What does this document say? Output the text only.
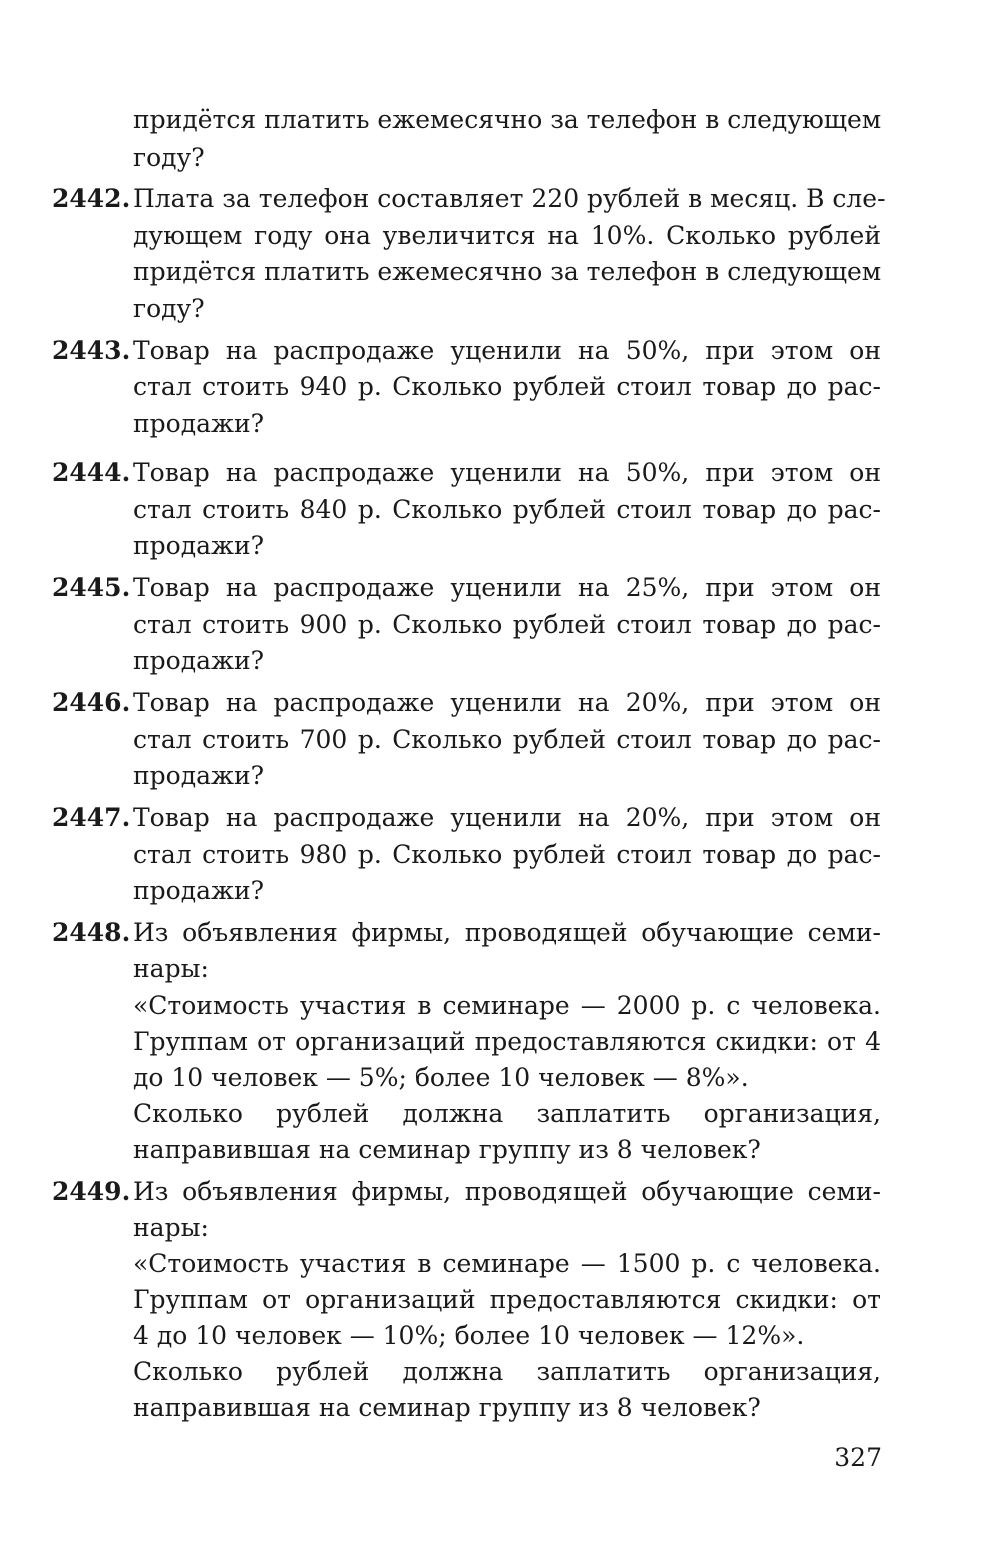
придётся платить ежемесячно за телефон в следующем
году?
2442. Плата за телефон составляет 220 рублей в месяц. В сле-
дующем году она увеличится на 10%. Сколько рублей
придётся платить ежемесячно за телефон в следующем
году?
2443. Товар на распродаже уценили на 50%, при этом он
стал стоить 940 р. Сколько рублей стоил товар до рас-
продажи?
2444. Товар на распродаже уценили на 50%, при этом он
стал стоить 840 р. Сколько рублей стоил товар до рас-
продажи?
2445. Товар на распродаже уценили на 25%, при этом он
стал стоить 900 р. Сколько рублей стоил товар до рас-
продажи?
2446. Товар на распродаже уценили на 20%, при этом он
стал стоить 700 р. Сколько рублей стоил товар до рас-
продажи?
2447. Товар на распродаже уценили на 20%, при этом он
стал стоить 980 р. Сколько рублей стоил товар до рас-
продажи?
2448. Из объявления фирмы, проводящей обучающие семи-
нары:
«Стоимость участия в семинаре — 2000 р. с человека.
Группам от организаций предоставляются скидки: от 4
до 10 человек — 5%; более 10 человек — 8%».
Сколько рублей должна заплатить организация,
направившая на семинар группу из 8 человек?
2449. Из объявления фирмы, проводящей обучающие семи-
нары:
«Стоимость участия в семинаре — 1500 р. с человека.
Группам от организаций предоставляются скидки: от
4 до 10 человек — 10%; более 10 человек — 12%».
Сколько рублей должна заплатить организация,
направившая на семинар группу из 8 человек?
327
